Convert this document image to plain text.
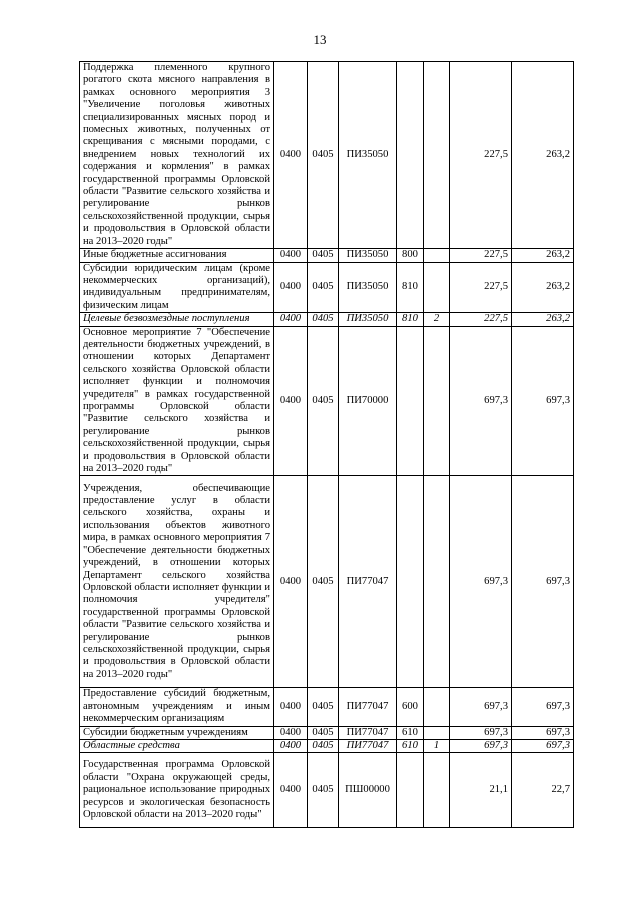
13
Поддержка племенного крупного рогатого скота мясного направления в рамках основного мероприятия 3 "Увеличение поголовья животных специализированных мясных пород и помесных животных, полученных от скрещивания с мясными породами, с внедрением новых технологий их содержания и кормления" в рамках государственной программы Орловской области "Развитие сельского хозяйства и регулирование рынков сельскохозяйственной продукции, сырья и продовольствия в Орловской области на 2013–2020 годы"	0400	0405	ПИ35050			227,5	263,2
Иные бюджетные ассигнования	0400	0405	ПИ35050	800		227,5	263,2
Субсидии юридическим лицам (кроме некоммерческих организаций), индивидуальным предпринимателям, физическим лицам	0400	0405	ПИ35050	810		227,5	263,2
Целевые безвозмездные поступления	0400	0405	ПИ35050	810	2	227,5	263,2
Основное мероприятие 7 "Обеспечение деятельности бюджетных учреждений, в отношении которых Департамент сельского хозяйства Орловской области исполняет функции и полномочия учредителя" в рамках государственной программы Орловской области "Развитие сельского хозяйства и регулирование рынков сельскохозяйственной продукции, сырья и продовольствия в Орловской области на 2013–2020 годы"	0400	0405	ПИ70000			697,3	697,3
Учреждения, обеспечивающие предоставление услуг в области сельского хозяйства, охраны и использования объектов животного мира, в рамках основного мероприятия 7 "Обеспечение деятельности бюджетных учреждений, в отношении которых Департамент сельского хозяйства Орловской области исполняет функции и полномочия учредителя" государственной программы Орловской области "Развитие сельского хозяйства и регулирование рынков сельскохозяйственной продукции, сырья и продовольствия в Орловской области на 2013–2020 годы"	0400	0405	ПИ77047			697,3	697,3
Предоставление субсидий бюджетным, автономным учреждениям и иным некоммерческим организациям	0400	0405	ПИ77047	600		697,3	697,3
Субсидии бюджетным учреждениям	0400	0405	ПИ77047	610		697,3	697,3
Областные средства	0400	0405	ПИ77047	610	1	697,3	697,3
Государственная программа Орловской области "Охрана окружающей среды, рациональное использование природных ресурсов и экологическая безопасность Орловской области на 2013–2020 годы"	0400	0405	ПШ00000			21,1	22,7
